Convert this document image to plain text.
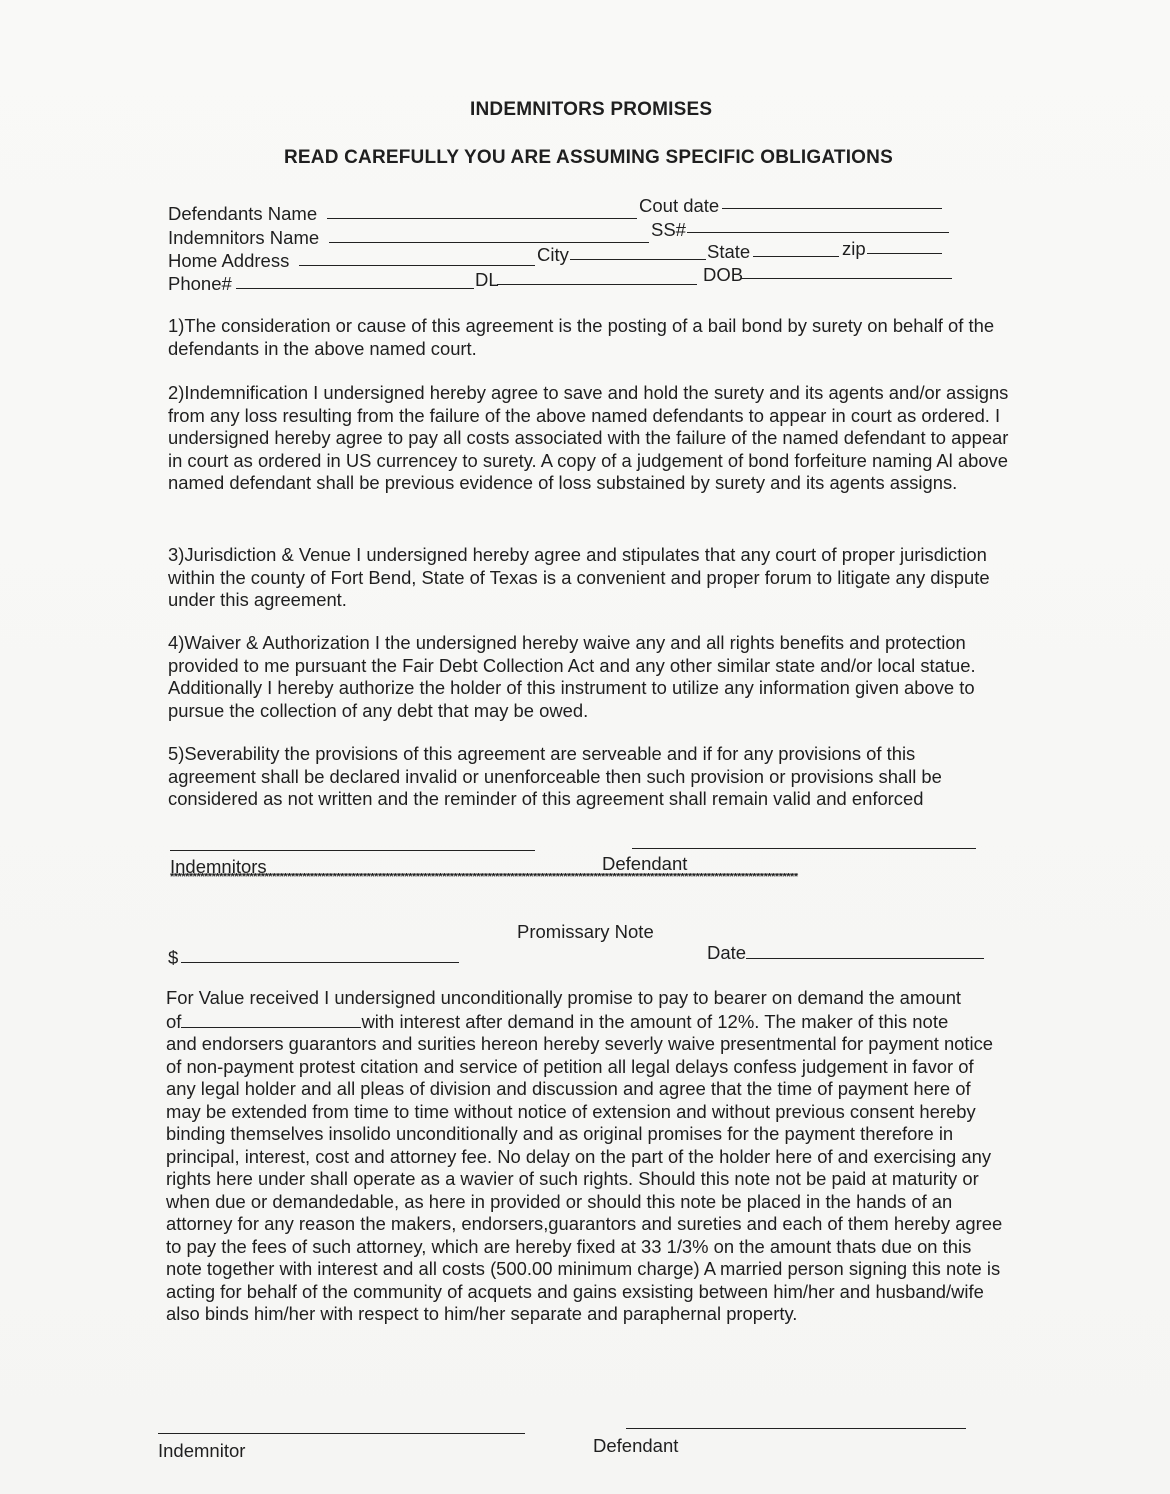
INDEMNITORS PROMISES
READ CAREFULLY YOU ARE ASSUMING SPECIFIC OBLIGATIONS
Defendants Name	Cout date
Indemnitors Name	SS#
Home Address	City	State	zip
Phone#	DL	DOB

1)The consideration or cause of this agreement is the posting of a bail bond by surety on behalf of the defendants in the above named court.

2)Indemnification I undersigned hereby agree to save and hold the surety and its agents and/or assigns from any loss resulting from the failure of the above named defendants to appear in court as ordered. I undersigned hereby agree to pay all costs associated with the failure of the named defendant to appear in court as ordered in US currencey to surety. A copy of a judgement of bond forfeiture naming Al above named defendant shall be previous evidence of loss substained by surety and its agents assigns.

3)Jurisdiction & Venue I undersigned hereby agree and stipulates that any court of proper jurisdiction within the county of Fort Bend, State of Texas is a convenient and proper forum to litigate any dispute under this agreement.

4)Waiver & Authorization I the undersigned hereby waive any and all rights benefits and protection provided to me pursuant the Fair Debt Collection Act and any other similar state and/or local statue. Additionally I hereby authorize the holder of this instrument to utilize any information given above to pursue the collection of any debt that may be owed.

5)Severability the provisions of this agreement are serveable and if for any provisions of this agreement shall be declared invalid or unenforceable then such provision or provisions shall be considered as not written and the reminder of this agreement shall remain valid and enforced

Indemnitors	Defendant
**********************************************************************************************************************************************************************
Promissary Note
$	Date

For Value received I undersigned unconditionally promise to pay to bearer on demand the amount

of	with interest after demand in the amount of 12%. The maker of this note

and endorsers guarantors and surities hereon hereby severly waive presentmental for payment notice of non-payment protest citation and service of petition all legal delays confess judgement in favor of any legal holder and all pleas of division and discussion and agree that the time of payment here of may be extended from time to time without notice of extension and without previous consent hereby binding themselves insolido unconditionally and as original promises for the payment therefore in principal, interest, cost and attorney fee. No delay on the part of the holder here of and exercising any rights here under shall operate as a wavier of such rights. Should this note not be paid at maturity or when due or demandedable, as here in provided or should this note be placed in the hands of an attorney for any reason the makers, endorsers,guarantors and sureties and each of them hereby agree to pay the fees of such attorney, which are hereby fixed at 33 1/3% on the amount thats due on this note together with interest and all costs (500.00 minimum charge) A married person signing this note is acting for behalf of the community of acquets and gains exsisting between him/her and husband/wife also binds him/her with respect to him/her separate and paraphernal property.

Indemnitor	Defendant
